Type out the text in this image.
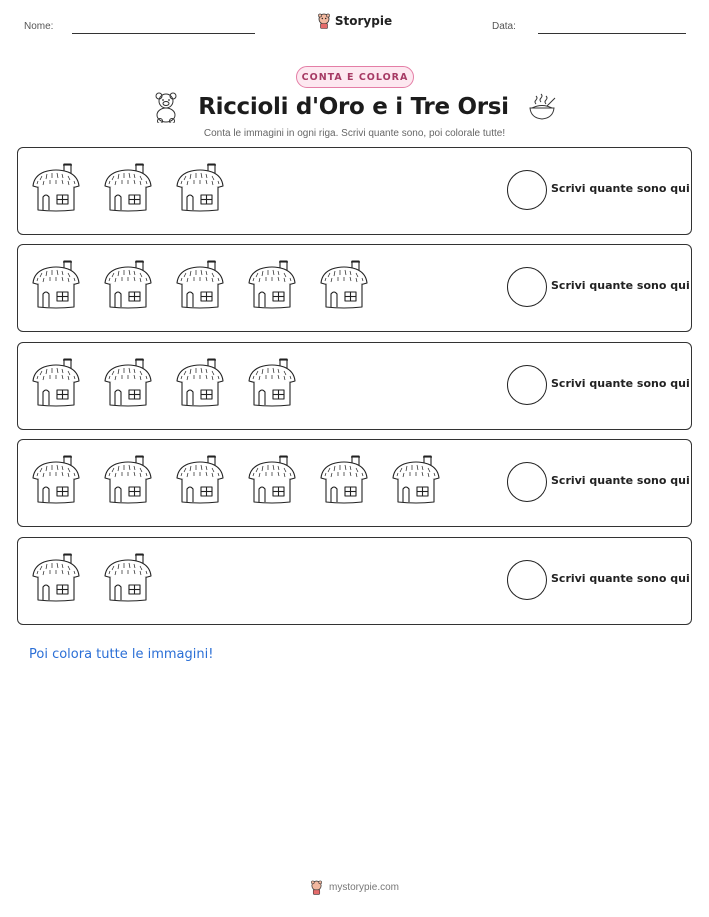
Nome:	Storypie	Data:
CONTA E COLORA
Riccioli d'Oro e i Tre Orsi
Conta le immagini in ogni riga. Scrivi quante sono, poi colorale tutte!
Scrivi quante sono qui
Scrivi quante sono qui
Scrivi quante sono qui
Scrivi quante sono qui
Scrivi quante sono qui
Poi colora tutte le immagini!
mystorypie.com
